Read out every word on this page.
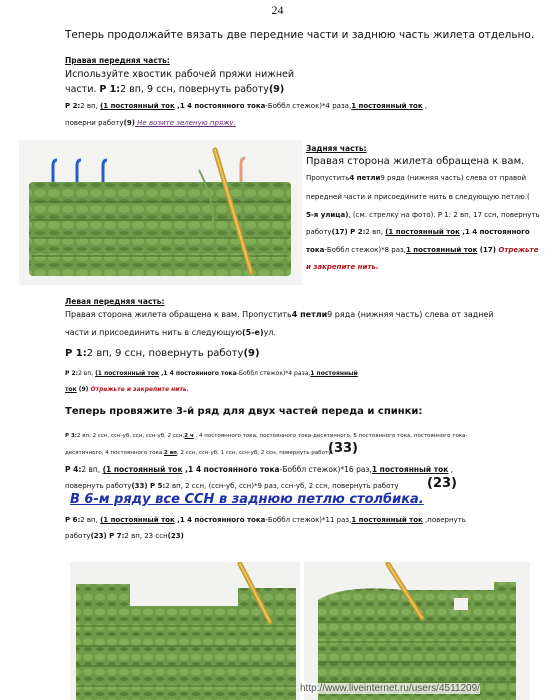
24
Теперь продолжайте вязать две передние части и заднюю часть жилета отдельно.
Правая передняя часть:
Используйте хвостик рабочей пряжи нижней
части. Р 1:2 вп, 9 ссн, повернуть работу(9)
Р 2:2 вп, (1 постоянный ток ,1 4 постоянного тока-Боббл стежок)*4 раза,1 постоянный ток ,
поверни работу(9) Не возите зеленую пряжу.
Задняя часть:
Правая сторона жилета обращена к вам.
Пропустить4 петли9 ряда (нижняя часть) слева от правой
передней части и присоедините нить в следующую петлю.(
5-я улица), (см. стрелку на фото). Р 1: 2 вп, 17 ссн, повернуть
работу(17) Р 2:2 вп, (1 постоянный ток ,1 4 постоянного
тока-Боббл стежок)*8 раз,1 постоянный ток (17) Отрежьте
и закрепите нить.
Левая передняя часть:
Правая сторона жилета обращена к вам. Пропустить4 петли9 ряда (нижняя часть) слева от задней
части и присоединить нить в следующую(5-е)ул.
Р 1:2 вп, 9 ссн, повернуть работу(9)
Р 2:2 вп, (1 постоянный ток ,1 4 постоянного тока-Боббл стежок)*4 раза,1 постоянный
ток (9) Отрежьте и закрепите нить.
Теперь провяжите 3-й ряд для двух частей переда и спинки:
Р 3:2 вп, 2 ссн, ссн-уб, ссн, ссн-уб, 2 ссн,2 ч , 4 постоянного тока, постоянного тока-десятичного, 5 постоянного тока, постоянного тока-
десятичного, 4 постоянного тока,2 вп, 2 ссн, ссн-уб, 1 ссн, ссн-уб, 2 ссн, повернуть работу
(33)
Р 4:2 вп, (1 постоянный ток ,1 4 постоянного тока-Боббл стежок)*16 раз,1 постоянный ток ,
повернуть работу(33) Р 5:2 вп, 2 ссн, (ссн-уб, ссн)*9 раз, ссн-уб, 2 ссн, повернуть работу (23)
В 6-м ряду все ССН в заднюю петлю столбика.
Р 6:2 вп, (1 постоянный ток ,1 4 постоянного тока-Боббл стежок)*11 раз,1 постоянный ток ,повернуть
работу(23) Р 7:2 вп, 23 ссн(23)
http://www.liveinternet.ru/users/4511209/
